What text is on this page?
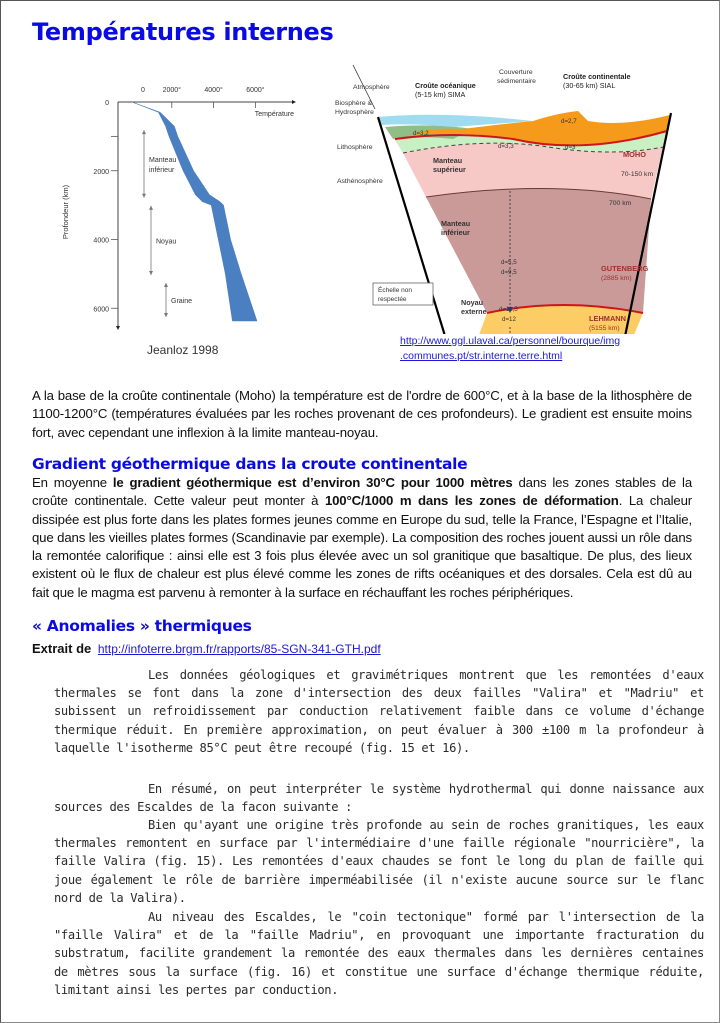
Températures internes
Température
Profondeur (km)
0	2000°	4000°	6000°
0
2000
4000
6000
Manteau
inférieur
Noyau
Graine
Jeanloz 1998
Atmosphère
Biosphère &
Hydrosphère
Lithosphère
Asthénosphère
Croûte océanique
(5-15 km) SIMA
Couverture
sédimentaire
Croûte continentale
(30-65 km) SIAL
Manteau
supérieur
Manteau
inférieur
Noyau
externe
d=3,2
d=2,7
d=3
d=3,3
d=5,5
d=9,5
d=11,5
d=12
MOHO
70-150 km
700 km
GUTENBERG
(2885 km)
LEHMANN
(5155 km)
Échelle non
respectée
http://www.ggl.ulaval.ca/personnel/bourque/img
.communes.pt/str.interne.terre.html

A la base de la croûte continentale (Moho) la température est de l'ordre de 600°C, et à la base de la lithosphère de 1100-1200°C (températures évaluées par les roches provenant de ces profondeurs). Le gradient est ensuite moins fort, avec cependant une inflexion à la limite manteau-noyau.

Gradient géothermique dans la croute continentale

En moyenne le gradient géothermique est d’environ 30°C pour 1000 mètres dans les zones stables de la croûte continentale. Cette valeur peut monter à 100°C/1000 m dans les zones de déformation. La chaleur dissipée est plus forte dans les plates formes jeunes comme en Europe du sud, telle la France, l’Espagne et l’Italie, que dans les vieilles plates formes (Scandinavie par exemple). La composition des roches jouent aussi un rôle dans la remontée calorifique : ainsi elle est 3 fois plus élevée avec un sol granitique que basaltique. De plus, des lieux existent où le flux de chaleur est plus élevé comme les zones de rifts océaniques et des dorsales. Cela est dû au fait que le magma est parvenu à remonter à la surface en réchauffant les roches périphériques.

« Anomalies » thermiques
Extrait de http://infoterre.brgm.fr/rapports/85-SGN-341-GTH.pdf

Les données géologiques et gravimétriques montrent que les remontées d'eaux thermales se font dans la zone d'intersection des deux failles "Valira" et "Madriu" et subissent un refroidissement par conduction relativement faible dans ce volume d'échange thermique réduit. En première approximation, on peut évaluer à 300 ±100 m la profondeur à laquelle l'isotherme 85°C peut être recoupé (fig. 15 et 16).

En résumé, on peut interpréter le système hydrothermal qui donne naissance aux sources des Escaldes de la facon suivante :

Bien qu'ayant une origine très profonde au sein de roches granitiques, les eaux thermales remontent en surface par l'intermédiaire d'une faille régionale "nourricière", la faille Valira (fig. 15). Les remontées d'eaux chaudes se font le long du plan de faille qui joue également le rôle de barrière imperméabilisée (il n'existe aucune source sur le flanc nord de la Valira).

Au niveau des Escaldes, le "coin tectonique" formé par l'intersection de la "faille Valira" et de la "faille Madriu", en provoquant une importante fracturation du substratum, facilite grandement la remontée des eaux thermales dans les dernières centaines de mètres sous la surface (fig. 16) et constitue une surface d'échange thermique réduite, limitant ainsi les pertes par conduction.
